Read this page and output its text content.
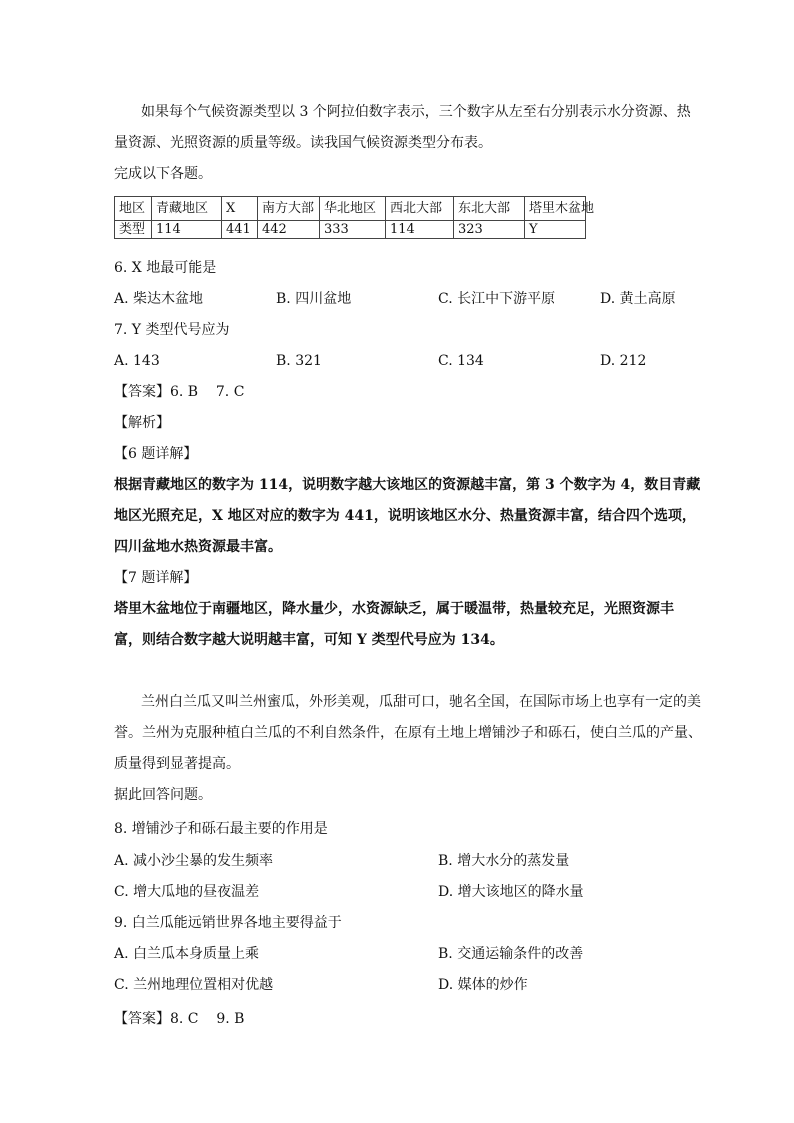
如果每个气候资源类型以 3 个阿拉伯数字表示，三个数字从左至右分别表示水分资源、热
量资源、光照资源的质量等级。读我国气候资源类型分布表。
完成以下各题。
地区	青藏地区	X	南方大部	华北地区	西北大部	东北大部	塔里木盆地
类型	114	441	442	333	114	323	Y
6. X 地最可能是
A. 柴达木盆地	B. 四川盆地	C. 长江中下游平原	D. 黄土高原
7. Y 类型代号应为
A. 143	B. 321	C. 134	D. 212
【答案】6. B    7. C
【解析】
【6 题详解】
根据青藏地区的数字为 114，说明数字越大该地区的资源越丰富，第 3 个数字为 4，数目青藏
地区光照充足，X 地区对应的数字为 441，说明该地区水分、热量资源丰富，结合四个选项，
四川盆地水热资源最丰富。
【7 题详解】
塔里木盆地位于南疆地区，降水量少，水资源缺乏，属于暖温带，热量较充足，光照资源丰
富，则结合数字越大说明越丰富，可知 Y 类型代号应为 134。
兰州白兰瓜又叫兰州蜜瓜，外形美观，瓜甜可口，驰名全国，在国际市场上也享有一定的美
誉。兰州为克服种植白兰瓜的不利自然条件，在原有土地上增铺沙子和砾石，使白兰瓜的产量、
质量得到显著提高。
据此回答问题。
8. 增铺沙子和砾石最主要的作用是
A. 减小沙尘暴的发生频率	B. 增大水分的蒸发量
C. 增大瓜地的昼夜温差	D. 增大该地区的降水量
9. 白兰瓜能远销世界各地主要得益于
A. 白兰瓜本身质量上乘	B. 交通运输条件的改善
C. 兰州地理位置相对优越	D. 媒体的炒作
【答案】8. C    9. B
